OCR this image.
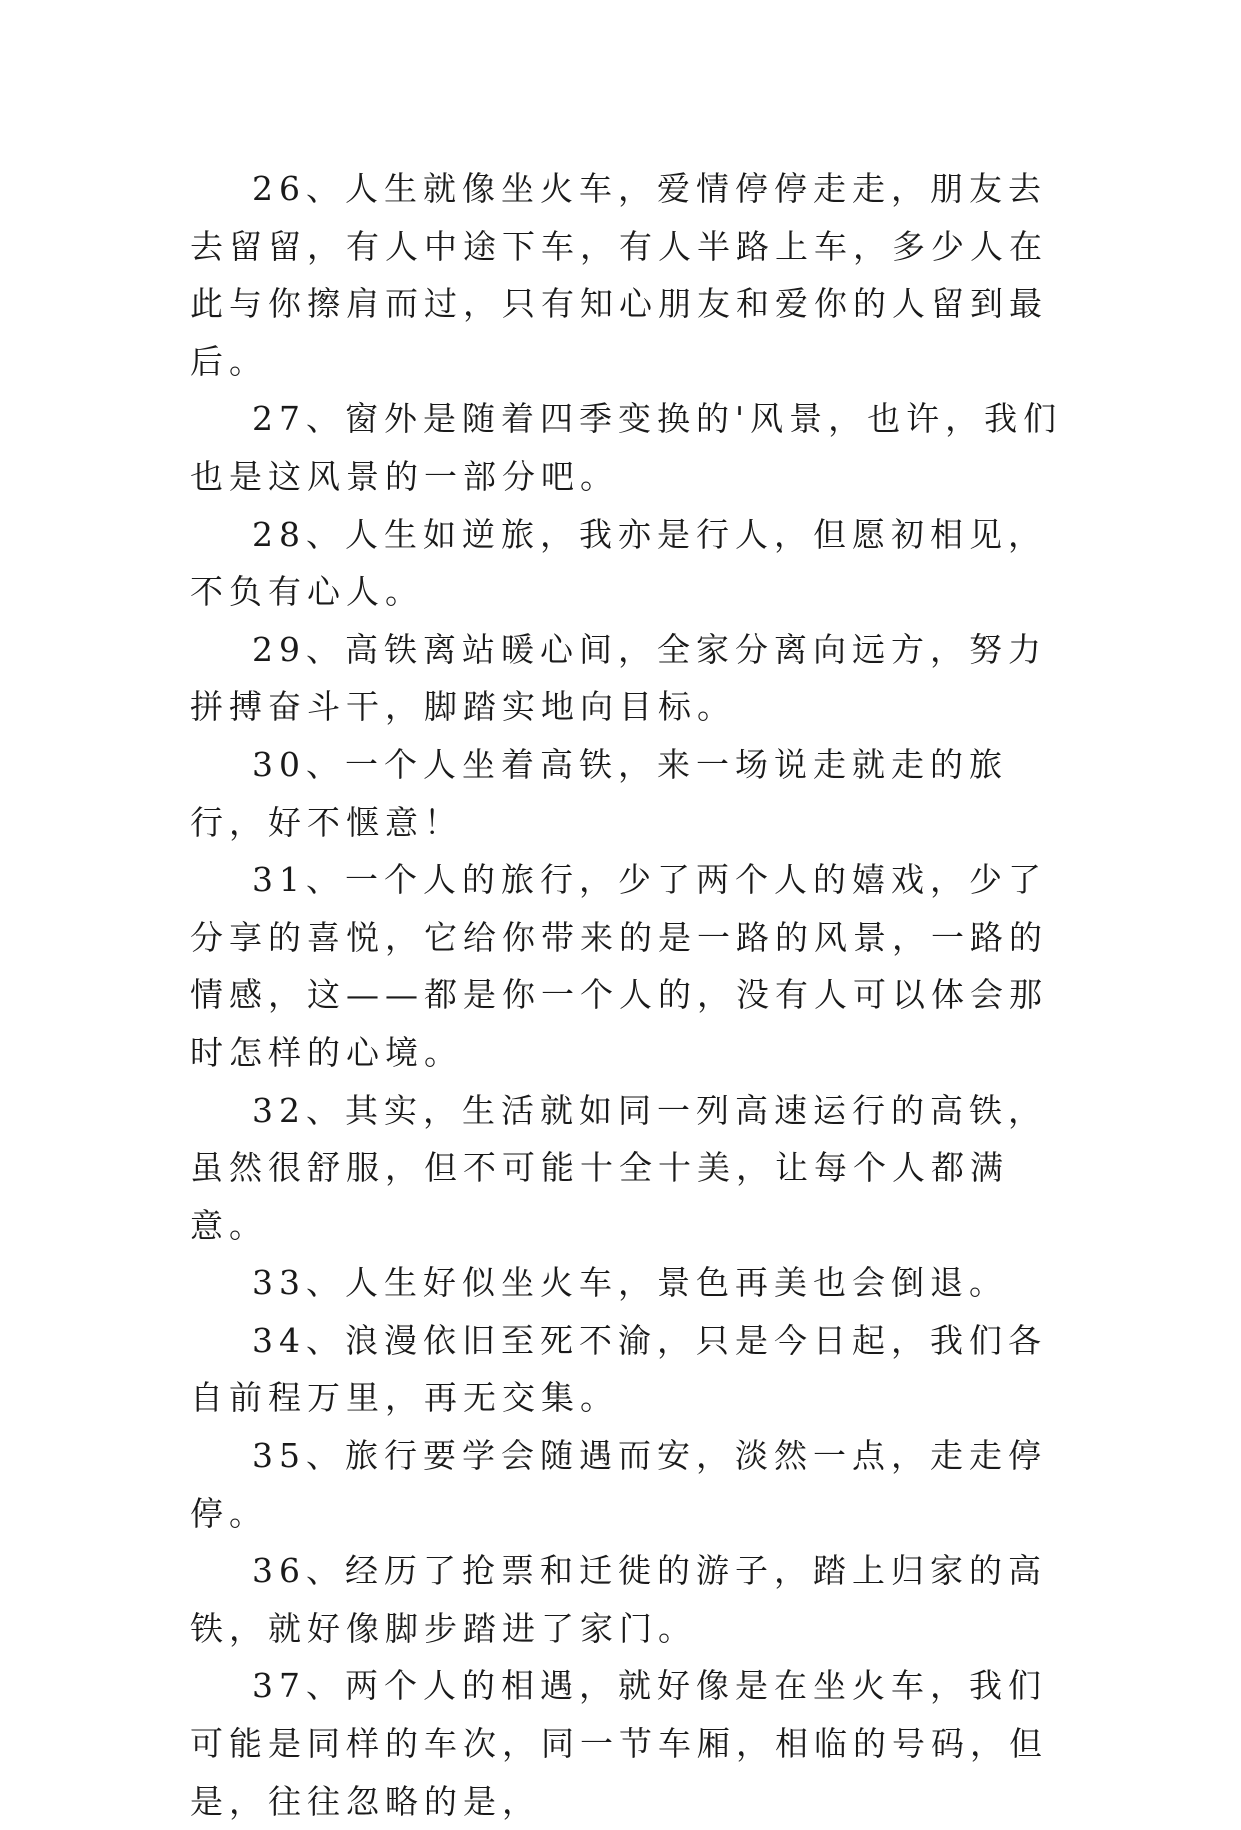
26、人生就像坐火车，爱情停停走走，朋友去去留留，有人中途下车，有人半路上车，多少人在此与你擦肩而过，只有知心朋友和爱你的人留到最后。

27、窗外是随着四季变换的'风景，也许，我们也是这风景的一部分吧。

28、人生如逆旅，我亦是行人，但愿初相见，不负有心人。

29、高铁离站暖心间，全家分离向远方，努力拼搏奋斗干，脚踏实地向目标。

30、一个人坐着高铁，来一场说走就走的旅行，好不惬意！

31、一个人的旅行，少了两个人的嬉戏，少了分享的喜悦，它给你带来的是一路的风景，一路的情感，这——都是你一个人的，没有人可以体会那时怎样的心境。

32、其实，生活就如同一列高速运行的高铁，虽然很舒服，但不可能十全十美，让每个人都满意。

33、人生好似坐火车，景色再美也会倒退。

34、浪漫依旧至死不渝，只是今日起，我们各自前程万里，再无交集。

35、旅行要学会随遇而安，淡然一点，走走停停。

36、经历了抢票和迁徙的游子，踏上归家的高铁，就好像脚步踏进了家门。

37、两个人的相遇，就好像是在坐火车，我们可能是同样的车次，同一节车厢，相临的号码，但是，往往忽略的是，
